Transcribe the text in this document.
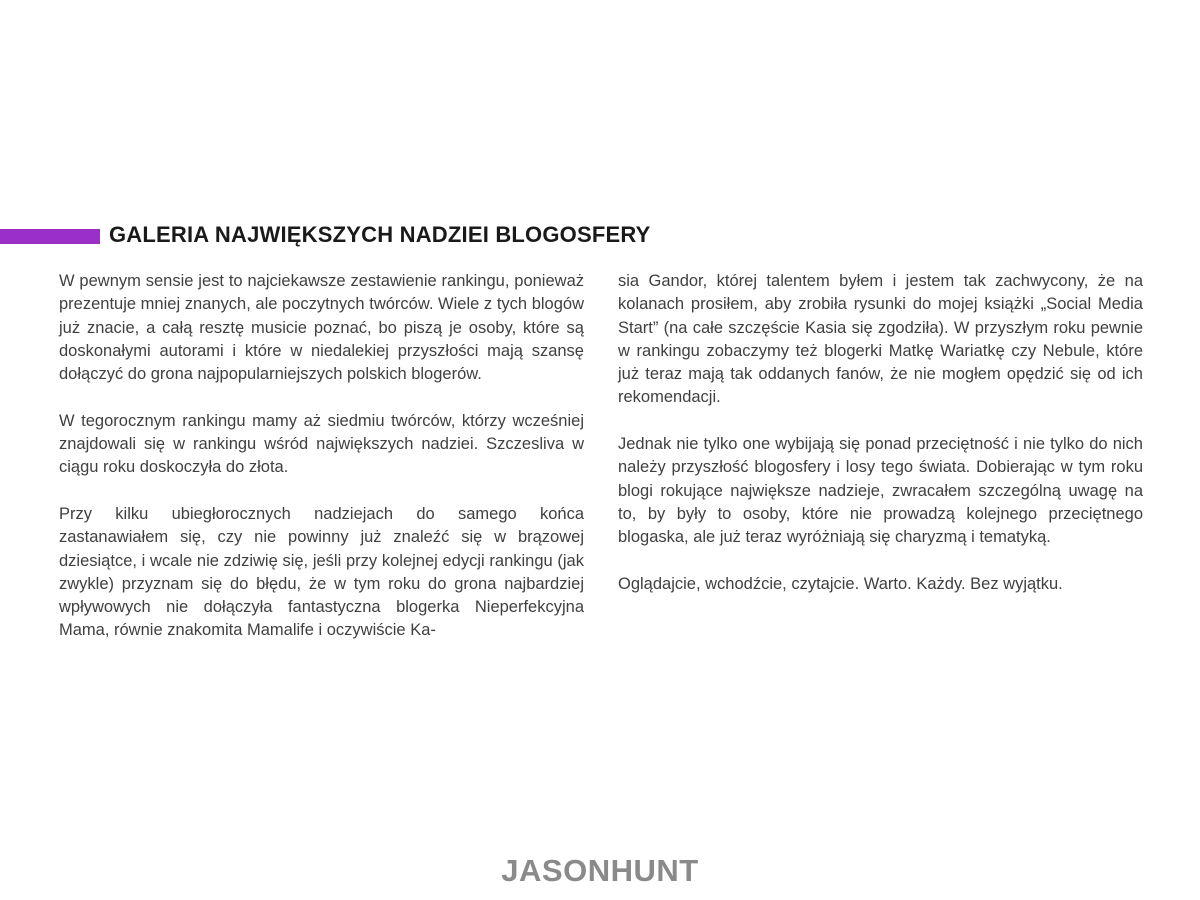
GALERIA NAJWIĘKSZYCH NADZIEI BLOGOSFERY

W pewnym sensie jest to najciekawsze zestawienie rankingu, ponieważ prezentuje mniej znanych, ale poczytnych twórców. Wiele z tych blogów już znacie, a całą resztę musicie poznać, bo piszą je osoby, które są doskonałymi autorami i które w niedalekiej przyszłości mają szansę dołączyć do grona najpopularniejszych polskich blogerów.

W tegorocznym rankingu mamy aż siedmiu twórców, którzy wcześniej znajdowali się w rankingu wśród największych nadziei. Szczesliva w ciągu roku doskoczyła do złota.

Przy kilku ubiegłorocznych nadziejach do samego końca zastanawiałem się, czy nie powinny już znaleźć się w brązowej dziesiątce, i wcale nie zdziwię się, jeśli przy kolejnej edycji rankingu (jak zwykle) przyznam się do błędu, że w tym roku do grona najbardziej wpływowych nie dołączyła fantastyczna blogerka Nieperfekcyjna Mama, równie znakomita Mamalife i oczywiście Ka-

sia Gandor, której talentem byłem i jestem tak zachwycony, że na kolanach prosiłem, aby zrobiła rysunki do mojej książki „Social Media Start” (na całe szczęście Kasia się zgodziła). W przyszłym roku pewnie w rankingu zobaczymy też blogerki Matkę Wariatkę czy Nebule, które już teraz mają tak oddanych fanów, że nie mogłem opędzić się od ich rekomendacji.

Jednak nie tylko one wybijają się ponad przeciętność i nie tylko do nich należy przyszłość blogosfery i losy tego świata. Dobierając w tym roku blogi rokujące największe nadzieje, zwracałem szczególną uwagę na to, by były to osoby, które nie prowadzą kolejnego przeciętnego blogaska, ale już teraz wyróżniają się charyzmą i tematyką.

Oglądajcie, wchodźcie, czytajcie. Warto. Każdy. Bez wyjątku.

JASONHUNT
